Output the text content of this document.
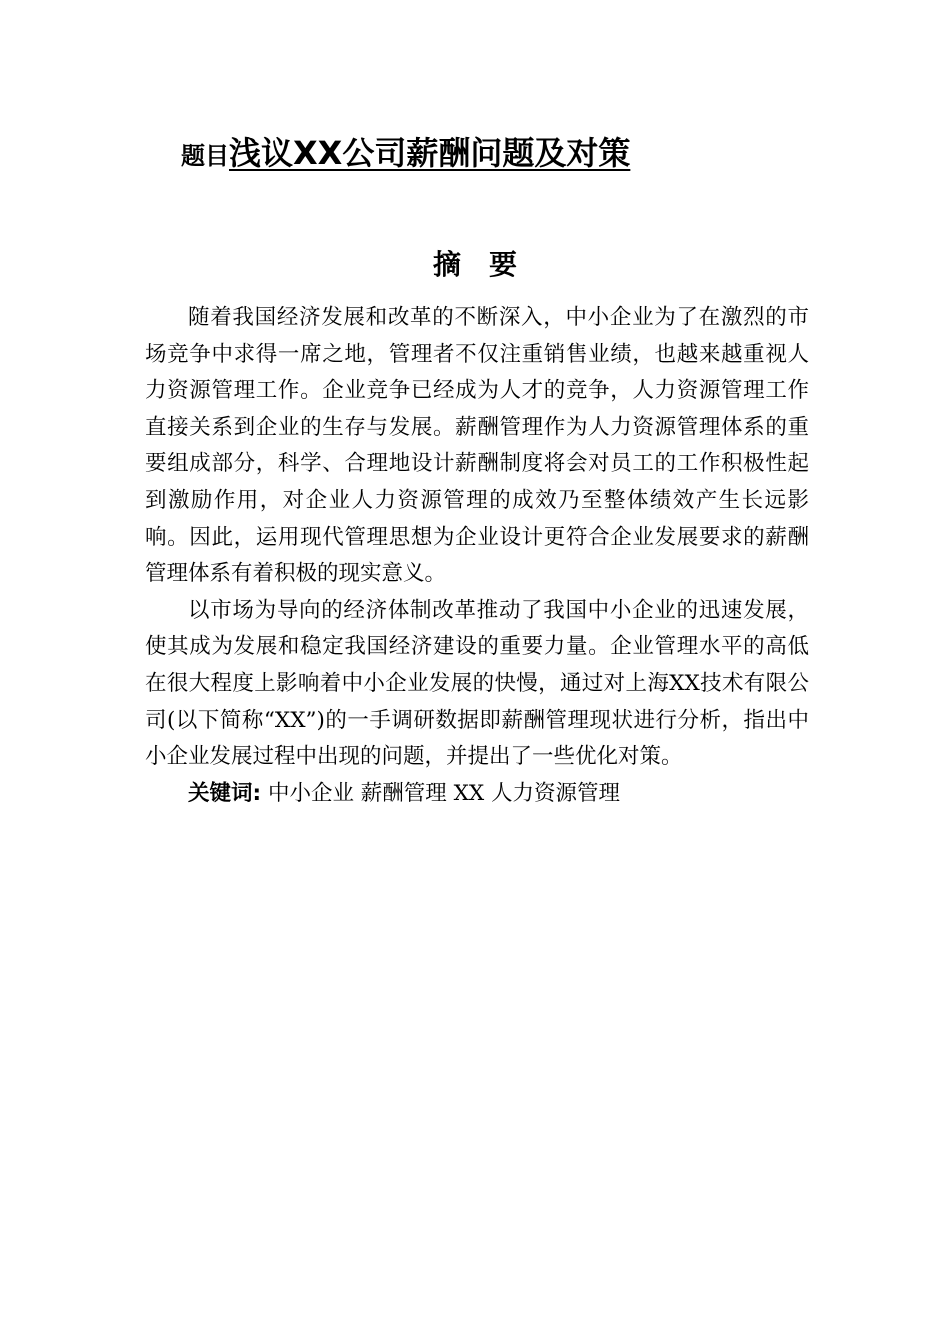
题目浅议XX公司薪酬问题及对策
摘要

随着我国经济发展和改革的不断深入，中小企业为了在激烈的市场竞争中求得一席之地，管理者不仅注重销售业绩，也越来越重视人力资源管理工作。企业竞争已经成为人才的竞争，人力资源管理工作直接关系到企业的生存与发展。薪酬管理作为人力资源管理体系的重要组成部分，科学、合理地设计薪酬制度将会对员工的工作积极性起到激励作用，对企业人力资源管理的成效乃至整体绩效产生长远影响。因此，运用现代管理思想为企业设计更符合企业发展要求的薪酬管理体系有着积极的现实意义。

以市场为导向的经济体制改革推动了我国中小企业的迅速发展，使其成为发展和稳定我国经济建设的重要力量。企业管理水平的高低在很大程度上影响着中小企业发展的快慢，通过对上海XX技术有限公司(以下简称“XX”)的一手调研数据即薪酬管理现状进行分析，指出中小企业发展过程中出现的问题，并提出了一些优化对策。

关键词: 中小企业 薪酬管理 XX 人力资源管理
